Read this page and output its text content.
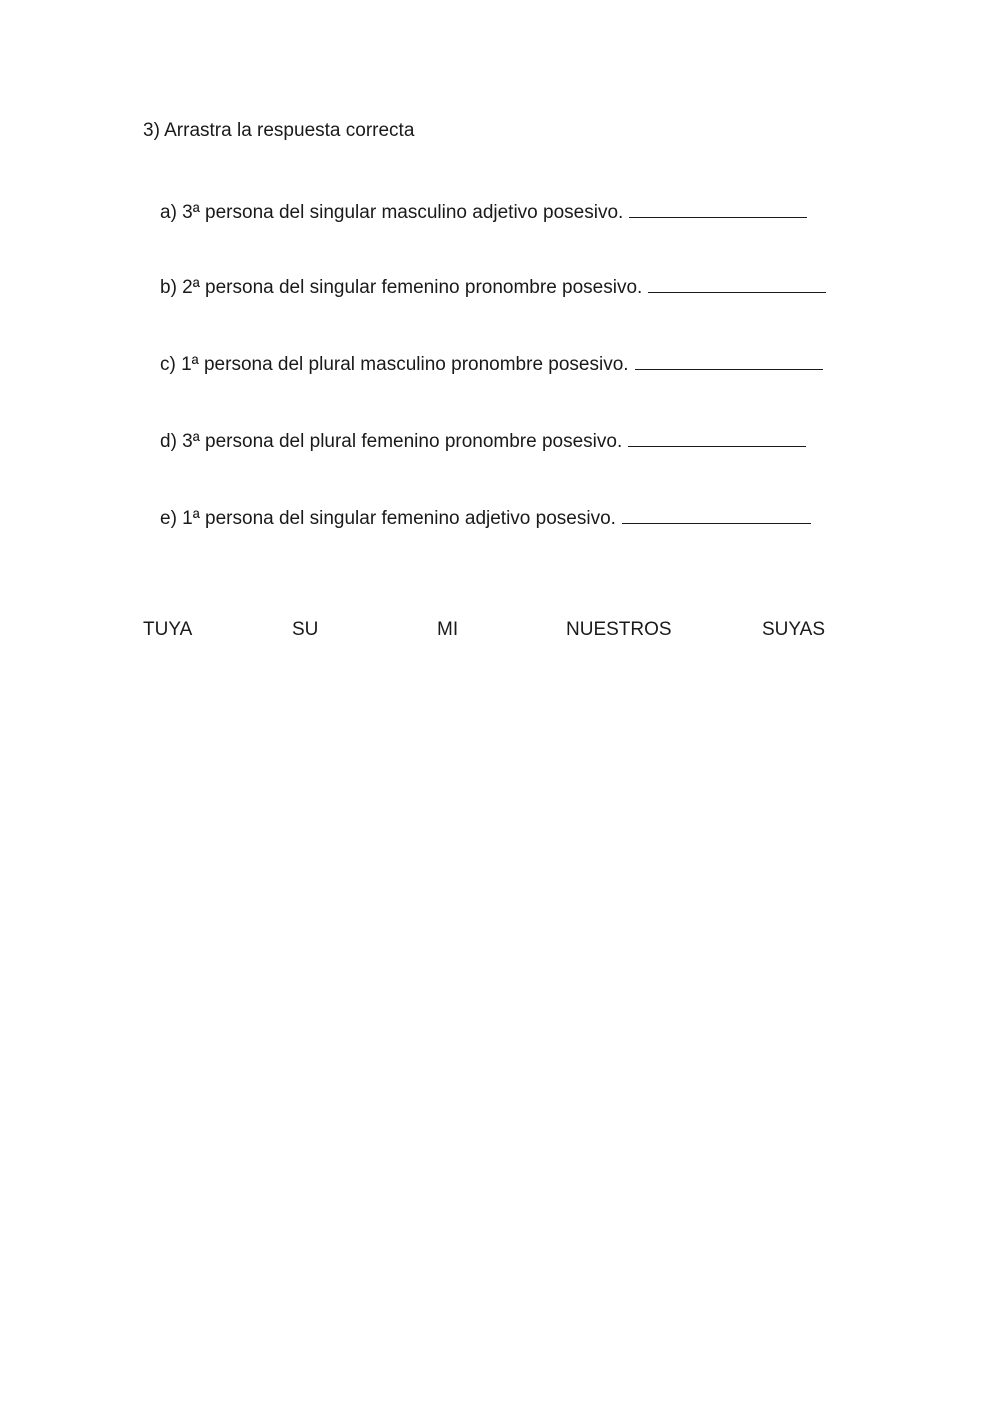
3) Arrastra la respuesta correcta
a) 3ª persona del singular masculino adjetivo posesivo.
b) 2ª persona del singular femenino pronombre posesivo.
c) 1ª persona del plural masculino pronombre posesivo.
d) 3ª persona del plural femenino pronombre posesivo.
e) 1ª persona del singular femenino adjetivo posesivo.
TUYA	SU	MI	NUESTROS	SUYAS
